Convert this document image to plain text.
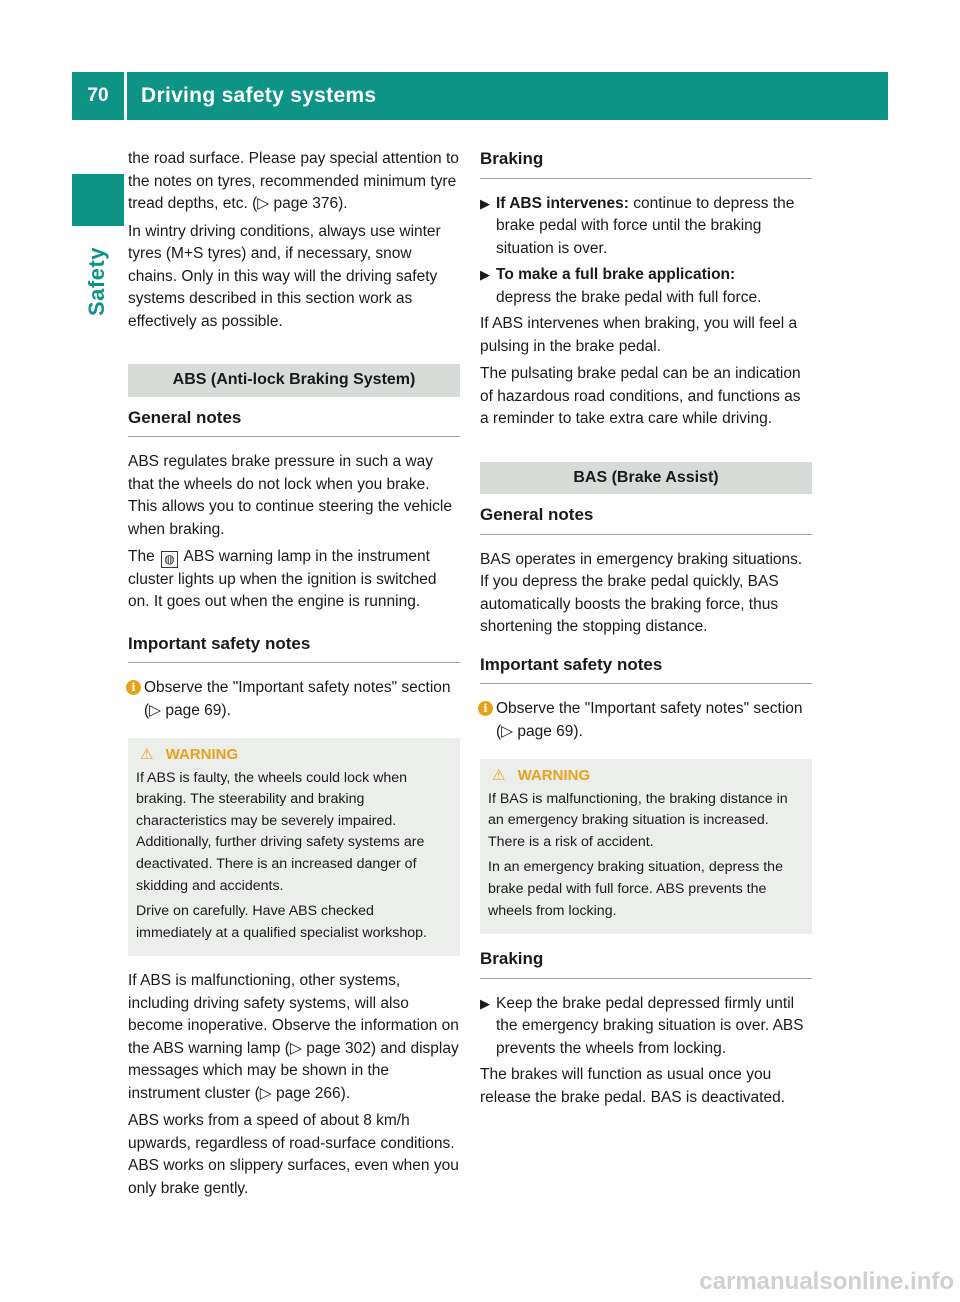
70	Driving safety systems
Safety

the road surface. Please pay special attention to the notes on tyres, recommended minimum tyre tread depths, etc. (▷ page 376).

In wintry driving conditions, always use winter tyres (M+S tyres) and, if necessary, snow chains. Only in this way will the driving safety systems described in this section work as effectively as possible.

ABS (Anti-lock Braking System)
General notes

ABS regulates brake pressure in such a way that the wheels do not lock when you brake. This allows you to continue steering the vehicle when braking.

The ◍ ABS warning lamp in the instrument cluster lights up when the ignition is switched on. It goes out when the engine is running.

Important safety notes
i Observe the "Important safety notes" section (▷ page 69).
⚠ WARNING

If ABS is faulty, the wheels could lock when braking. The steerability and braking characteristics may be severely impaired. Additionally, further driving safety systems are deactivated. There is an increased danger of skidding and accidents.

Drive on carefully. Have ABS checked immediately at a qualified specialist workshop.

If ABS is malfunctioning, other systems, including driving safety systems, will also become inoperative. Observe the information on the ABS warning lamp (▷ page 302) and display messages which may be shown in the instrument cluster (▷ page 266).

ABS works from a speed of about 8 km/h upwards, regardless of road-surface conditions. ABS works on slippery surfaces, even when you only brake gently.

Braking
▶ If ABS intervenes: continue to depress the brake pedal with force until the braking situation is over.
▶ To make a full brake application:
depress the brake pedal with full force.

If ABS intervenes when braking, you will feel a pulsing in the brake pedal.

The pulsating brake pedal can be an indication of hazardous road conditions, and functions as a reminder to take extra care while driving.

BAS (Brake Assist)
General notes

BAS operates in emergency braking situations. If you depress the brake pedal quickly, BAS automatically boosts the braking force, thus shortening the stopping distance.

Important safety notes
i Observe the "Important safety notes" section (▷ page 69).
⚠ WARNING

If BAS is malfunctioning, the braking distance in an emergency braking situation is increased. There is a risk of accident.

In an emergency braking situation, depress the brake pedal with full force. ABS prevents the wheels from locking.

Braking
▶ Keep the brake pedal depressed firmly until the emergency braking situation is over. ABS prevents the wheels from locking.

The brakes will function as usual once you release the brake pedal. BAS is deactivated.

carmanualsonline.info
